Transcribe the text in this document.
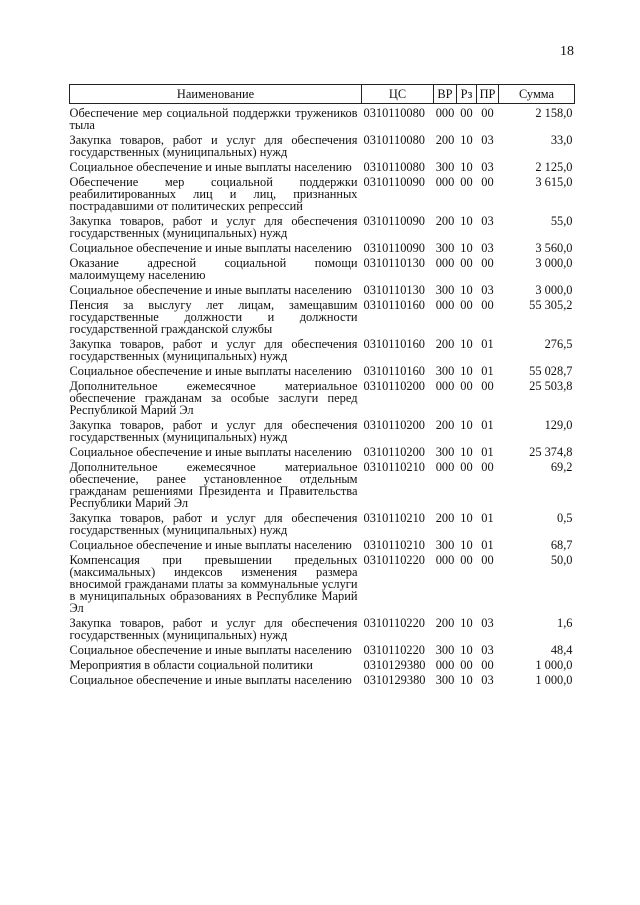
18
Наименование	ЦС	ВР	Рз	ПР	Сумма
Обеспечение мер социальной поддержки тружеников тыла	0310110080	000	00	00	2 158,0
Закупка товаров, работ и услуг для обеспечения государственных (муниципальных) нужд	0310110080	200	10	03	33,0
Социальное обеспечение и иные выплаты населению	0310110080	300	10	03	2 125,0
Обеспечение мер социальной поддержки реабилитированных лиц и лиц, признанных пострадавшими от политических репрессий	0310110090	000	00	00	3 615,0
Закупка товаров, работ и услуг для обеспечения государственных (муниципальных) нужд	0310110090	200	10	03	55,0
Социальное обеспечение и иные выплаты населению	0310110090	300	10	03	3 560,0
Оказание адресной социальной помощи малоимущему населению	0310110130	000	00	00	3 000,0
Социальное обеспечение и иные выплаты населению	0310110130	300	10	03	3 000,0
Пенсия за выслугу лет лицам, замещавшим государственные должности и должности государственной гражданской службы	0310110160	000	00	00	55 305,2
Закупка товаров, работ и услуг для обеспечения государственных (муниципальных) нужд	0310110160	200	10	01	276,5
Социальное обеспечение и иные выплаты населению	0310110160	300	10	01	55 028,7
Дополнительное ежемесячное материальное обеспечение гражданам за особые заслуги перед Республикой Марий Эл	0310110200	000	00	00	25 503,8
Закупка товаров, работ и услуг для обеспечения государственных (муниципальных) нужд	0310110200	200	10	01	129,0
Социальное обеспечение и иные выплаты населению	0310110200	300	10	01	25 374,8
Дополнительное ежемесячное материальное обеспечение, ранее установленное отдельным гражданам решениями Президента и Правительства Республики Марий Эл	0310110210	000	00	00	69,2
Закупка товаров, работ и услуг для обеспечения государственных (муниципальных) нужд	0310110210	200	10	01	0,5
Социальное обеспечение и иные выплаты населению	0310110210	300	10	01	68,7
Компенсация при превышении предельных (максимальных) индексов изменения размера вносимой гражданами платы за коммунальные услуги в муниципальных образованиях в Республике Марий Эл	0310110220	000	00	00	50,0
Закупка товаров, работ и услуг для обеспечения государственных (муниципальных) нужд	0310110220	200	10	03	1,6
Социальное обеспечение и иные выплаты населению	0310110220	300	10	03	48,4
Мероприятия в области социальной политики	0310129380	000	00	00	1 000,0
Социальное обеспечение и иные выплаты населению	0310129380	300	10	03	1 000,0
